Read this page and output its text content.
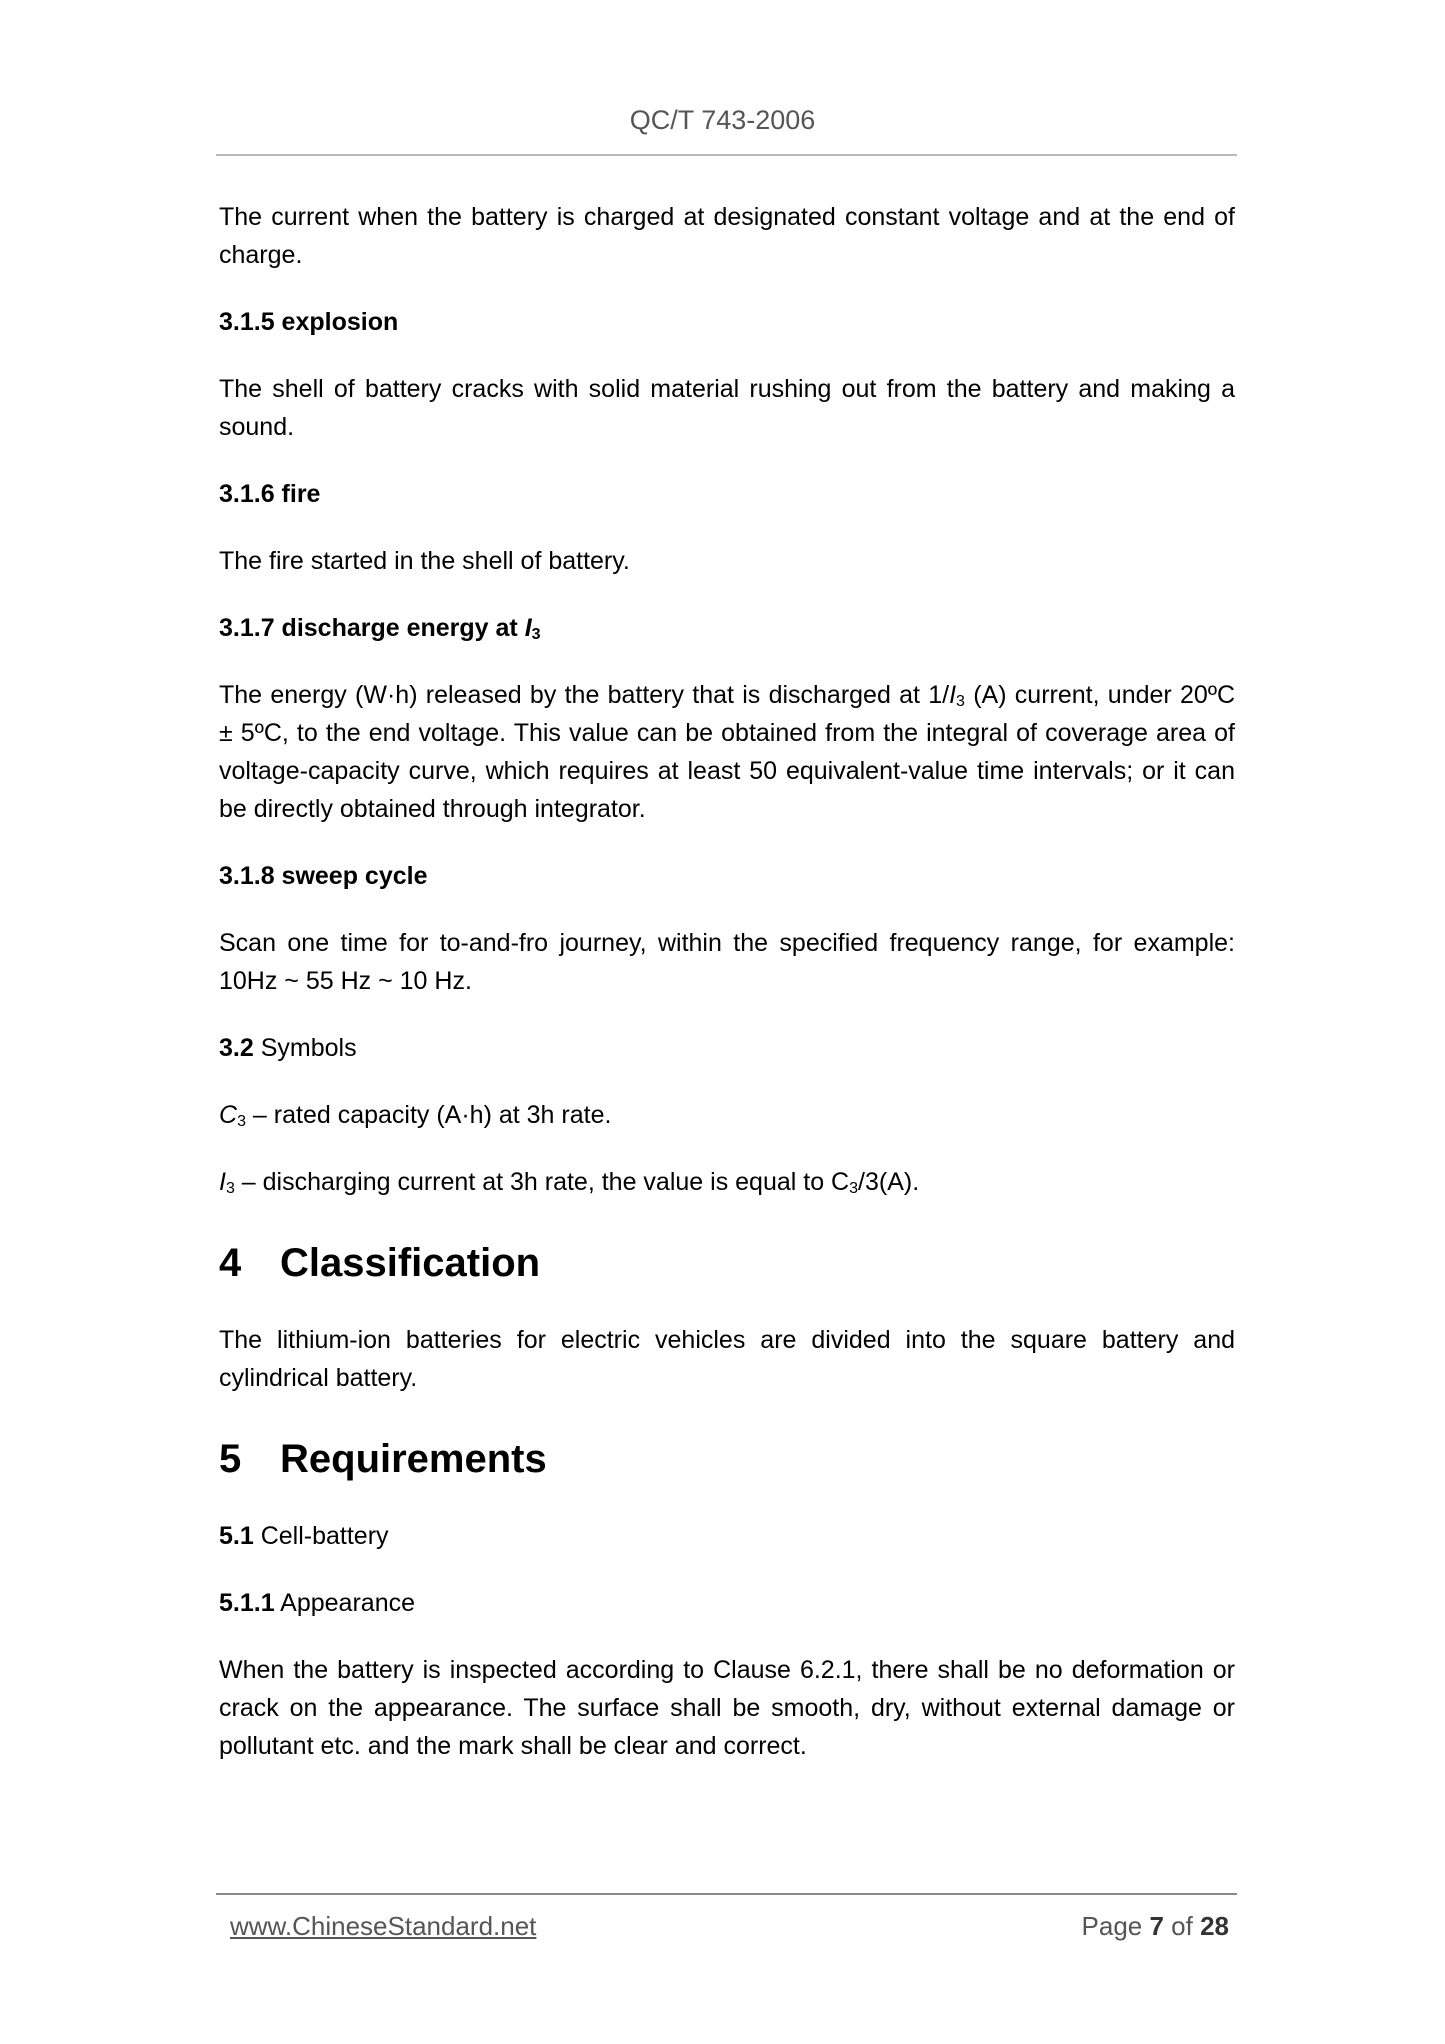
QC/T 743-2006

The current when the battery is charged at designated constant voltage and at the end of charge.

3.1.5 explosion

The shell of battery cracks with solid material rushing out from the battery and making a sound.

3.1.6 fire

The fire started in the shell of battery.

3.1.7 discharge energy at $I_3$

The energy (W·h) released by the battery that is discharged at $1/I_3$ (A) current, under 20ºC ± 5ºC, to the end voltage. This value can be obtained from the integral of coverage area of voltage-capacity curve, which requires at least 50 equivalent-value time intervals; or it can be directly obtained through integrator.

3.1.8 sweep cycle

Scan one time for to-and-fro journey, within the specified frequency range, for example: 10Hz ~ 55 Hz ~ 10 Hz.

3.2 Symbols

$C_3$ – rated capacity (A·h) at 3h rate.

$I_3$ – discharging current at 3h rate, the value is equal to $C_3/3(A)$.

4 Classification

The lithium-ion batteries for electric vehicles are divided into the square battery and cylindrical battery.

5 Requirements

5.1 Cell-battery

5.1.1 Appearance

When the battery is inspected according to Clause 6.2.1, there shall be no deformation or crack on the appearance. The surface shall be smooth, dry, without external damage or pollutant etc. and the mark shall be clear and correct.

www.ChineseStandard.net	Page 7 of 28
